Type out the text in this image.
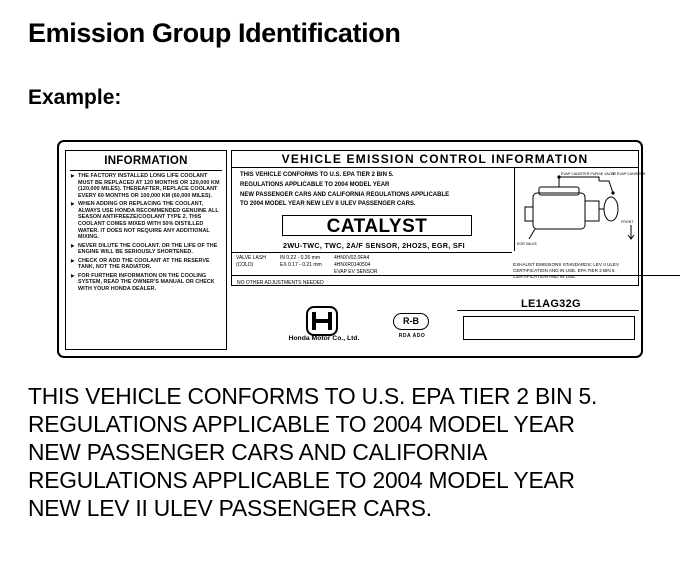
Emission Group Identification
Example:
INFORMATION
▶ THE FACTORY INSTALLED LONG LIFE COOLANT MUST BE REPLACED AT 120 MONTHS OR 120,000 KM (120,000 MILES). THEREAFTER, REPLACE COOLANT EVERY 60 MONTHS OR 100,000 KM (60,000 MILES).
▶ WHEN ADDING OR REPLACING THE COOLANT, ALWAYS USE HONDA RECOMMENDED GENUINE ALL SEASON ANTIFREEZE/COOLANT TYPE 2. THIS COOLANT COMES MIXED WITH 50% DISTILLED WATER. IT DOES NOT REQUIRE ANY ADDITIONAL MIXING.
▶ NEVER DILUTE THE COOLANT. OR THE LIFE OF THE ENGINE WILL BE SERIOUSLY SHORTENED.
▶ CHECK OR ADD THE COOLANT AT THE RESERVE TANK, NOT THE RADIATOR.
▶ FOR FURTHER INFORMATION ON THE COOLING SYSTEM, READ THE OWNER'S MANUAL OR CHECK WITH YOUR HONDA DEALER.
VEHICLE EMISSION CONTROL INFORMATION
THIS VEHICLE CONFORMS TO U.S. EPA TIER 2 BIN 5.
REGULATIONS APPLICABLE TO 2004 MODEL YEAR
NEW PASSENGER CARS AND CALIFORNIA REGULATIONS APPLICABLE
TO 2004 MODEL YEAR NEW LEV II ULEV PASSENGER CARS.
CATALYST
2WU-TWC, TWC, 2A/F SENSOR, 2HO2S, EGR, SFI
EVAP CANISTER PURGE VALVE
TO EVAP CANISTER
EGR VALVE
FRONT
VALVE LASH	IN 0.22 - 0.26 mm	4HNXV02.0FA4
(COLD)	EX 0.17 - 0.21 mm 4HNXR0140504
EVAP EV SENSOR
NO OTHER ADJUSTMENTS NEEDED
EXHAUST EMISSIONS STANDARDS: LEV II ULEV CERTIFICATION AND IN USE. EPA TIER 2 BIN 5 CERTIFICATION AND IN USE.
LE1AG32G
Honda Motor Co., Ltd.
R-B
RDA ADO
THIS VEHICLE CONFORMS TO U.S. EPA TIER 2 BIN 5.
REGULATIONS APPLICABLE TO 2004 MODEL YEAR
NEW PASSENGER CARS AND CALIFORNIA
REGULATIONS APPLICABLE TO 2004 MODEL YEAR
NEW LEV II ULEV PASSENGER CARS.
